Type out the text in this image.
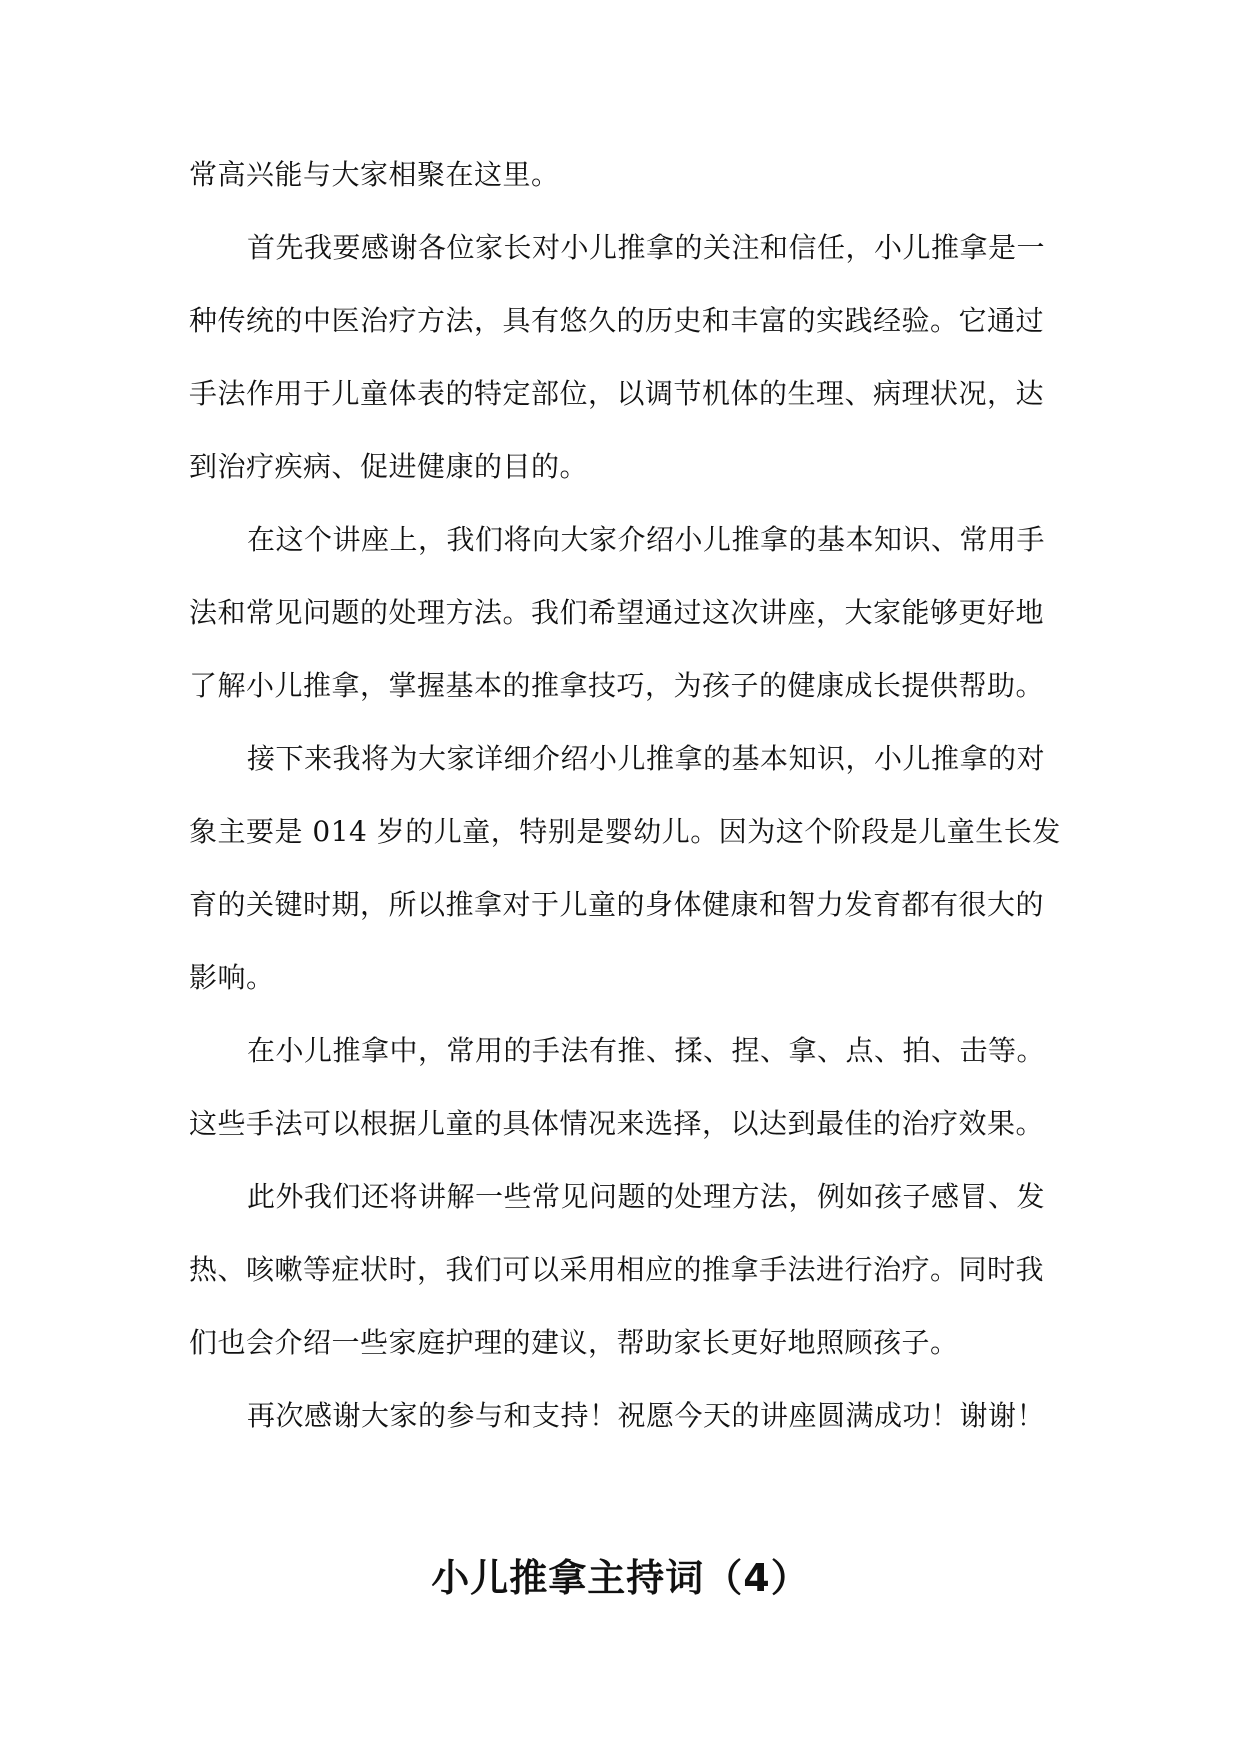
常高兴能与大家相聚在这里。
首先我要感谢各位家长对小儿推拿的关注和信任，小儿推拿是一
种传统的中医治疗方法，具有悠久的历史和丰富的实践经验。它通过
手法作用于儿童体表的特定部位，以调节机体的生理、病理状况，达
到治疗疾病、促进健康的目的。
在这个讲座上，我们将向大家介绍小儿推拿的基本知识、常用手
法和常见问题的处理方法。我们希望通过这次讲座，大家能够更好地
了解小儿推拿，掌握基本的推拿技巧，为孩子的健康成长提供帮助。
接下来我将为大家详细介绍小儿推拿的基本知识，小儿推拿的对
象主要是 014 岁的儿童，特别是婴幼儿。因为这个阶段是儿童生长发
育的关键时期，所以推拿对于儿童的身体健康和智力发育都有很大的
影响。
在小儿推拿中，常用的手法有推、揉、捏、拿、点、拍、击等。
这些手法可以根据儿童的具体情况来选择，以达到最佳的治疗效果。
此外我们还将讲解一些常见问题的处理方法，例如孩子感冒、发
热、咳嗽等症状时，我们可以采用相应的推拿手法进行治疗。同时我
们也会介绍一些家庭护理的建议，帮助家长更好地照顾孩子。
再次感谢大家的参与和支持！祝愿今天的讲座圆满成功！谢谢！
小儿推拿主持词（4）
